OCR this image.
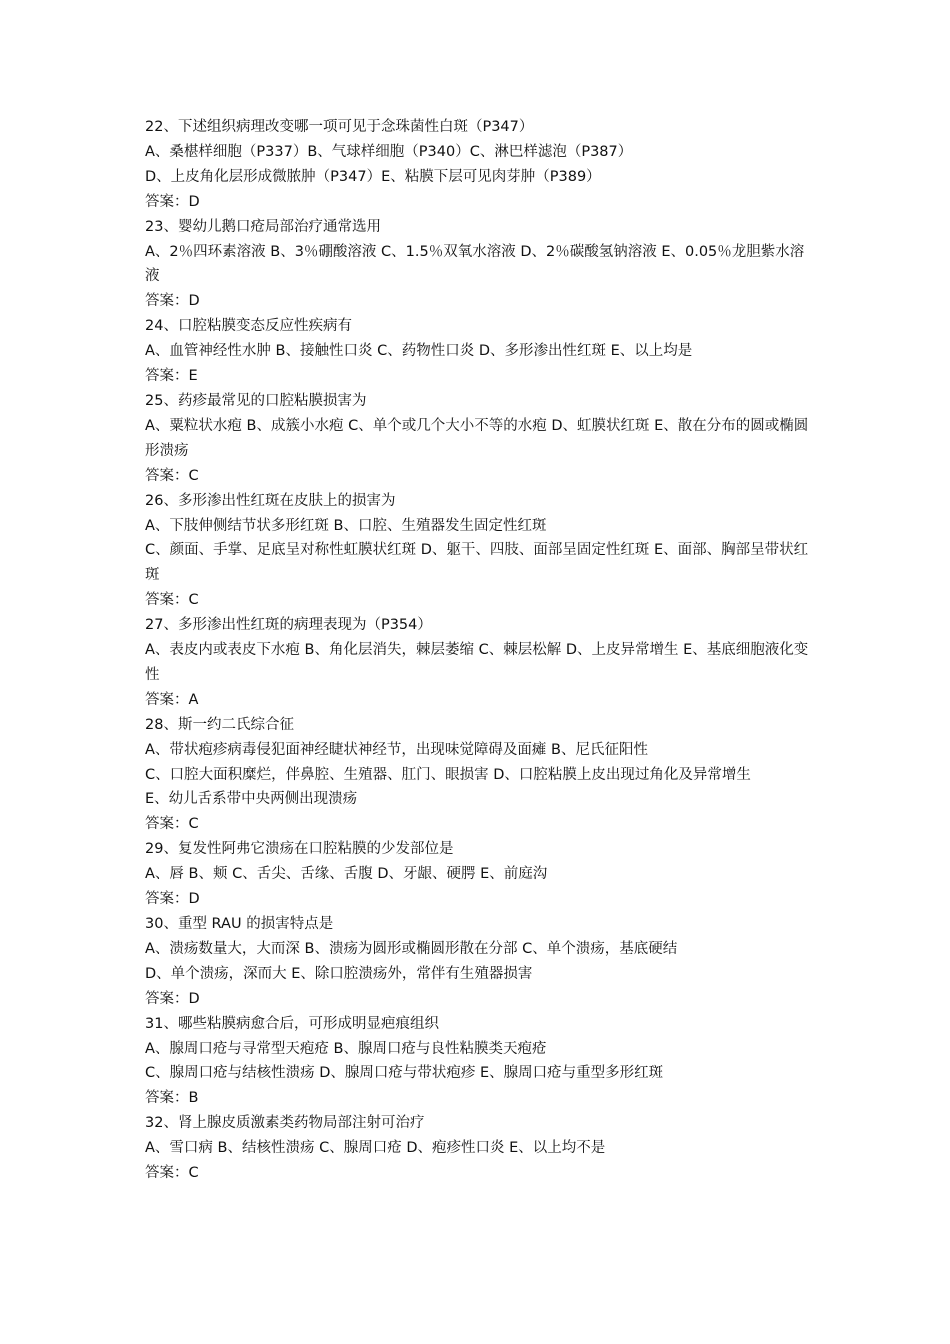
22、下述组织病理改变哪一项可见于念珠菌性白斑（P347）

A、桑椹样细胞（P337）B、气球样细胞（P340）C、淋巴样滤泡（P387）

D、上皮角化层形成微脓肿（P347）E、粘膜下层可见肉芽肿（P389）

答案：D

23、婴幼儿鹅口疮局部治疗通常选用

A、2％四环素溶液 B、3％硼酸溶液 C、1.5％双氧水溶液 D、2％碳酸氢钠溶液 E、0.05％龙胆紫水溶液

答案：D

24、口腔粘膜变态反应性疾病有

A、血管神经性水肿 B、接触性口炎 C、药物性口炎 D、多形渗出性红斑 E、以上均是

答案：E

25、药疹最常见的口腔粘膜损害为

A、粟粒状水疱 B、成簇小水疱 C、单个或几个大小不等的水疱 D、虹膜状红斑 E、散在分布的圆或椭圆形溃疡

答案：C

26、多形渗出性红斑在皮肤上的损害为

A、下肢伸侧结节状多形红斑 B、口腔、生殖器发生固定性红斑

C、颜面、手掌、足底呈对称性虹膜状红斑 D、躯干、四肢、面部呈固定性红斑 E、面部、胸部呈带状红斑

答案：C

27、多形渗出性红斑的病理表现为（P354）

A、表皮内或表皮下水疱 B、角化层消失，棘层萎缩 C、棘层松解 D、上皮异常增生 E、基底细胞液化变性

答案：A

28、斯一约二氏综合征

A、带状疱疹病毒侵犯面神经睫状神经节，出现味觉障碍及面瘫 B、尼氏征阳性

C、口腔大面积糜烂，伴鼻腔、生殖器、肛门、眼损害 D、口腔粘膜上皮出现过角化及异常增生

E、幼儿舌系带中央两侧出现溃疡

答案：C

29、复发性阿弗它溃疡在口腔粘膜的少发部位是

A、唇 B、颊 C、舌尖、舌缘、舌腹 D、牙龈、硬腭 E、前庭沟

答案：D

30、重型 RAU 的损害特点是

A、溃疡数量大，大而深 B、溃疡为圆形或椭圆形散在分部 C、单个溃疡，基底硬结

D、单个溃疡，深而大 E、除口腔溃疡外，常伴有生殖器损害

答案：D

31、哪些粘膜病愈合后，可形成明显疤痕组织

A、腺周口疮与寻常型天疱疮 B、腺周口疮与良性粘膜类天疱疮

C、腺周口疮与结核性溃疡 D、腺周口疮与带状疱疹 E、腺周口疮与重型多形红斑

答案：B

32、肾上腺皮质激素类药物局部注射可治疗

A、雪口病 B、结核性溃疡 C、腺周口疮 D、疱疹性口炎 E、以上均不是

答案：C
